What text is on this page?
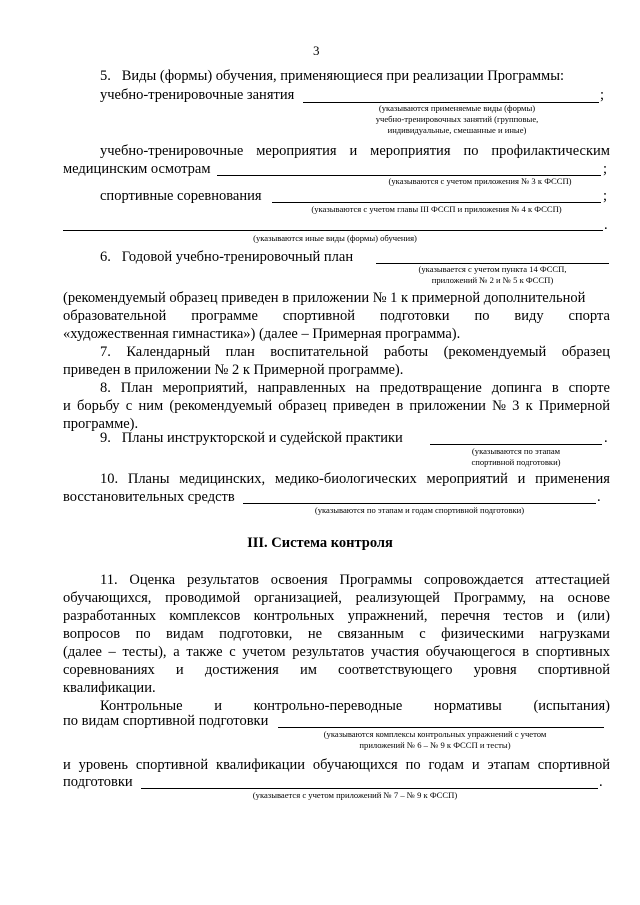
3
5.   Виды (формы) обучения, применяющиеся при реализации Программы:
учебно-тренировочные занятия	;
(указываются применяемые виды (формы)
учебно-тренировочных занятий (групповые,
индивидуальные, смешанные и иные)
учебно-тренировочные мероприятия и мероприятия по профилактическим
медицинским осмотрам	;
(указываются с учетом приложения № 3 к ФССП)
спортивные соревнования	;
(указываются с учетом главы III ФССП и приложения № 4 к ФССП)
.
(указываются иные виды (формы) обучения)
6.   Годовой учебно-тренировочный план
(указывается с учетом пункта 14 ФССП,
приложений № 2 и № 5 к ФССП)
(рекомендуемый образец приведен в приложении № 1 к примерной дополнительной
образовательной программе спортивной подготовки по виду спорта
«художественная гимнастика») (далее – Примерная программа).
7. Календарный план воспитательной работы (рекомендуемый образец
приведен в приложении № 2 к Примерной программе).
8. План мероприятий, направленных на предотвращение допинга в спорте
и борьбу с ним (рекомендуемый образец приведен в приложении № 3 к Примерной
программе).
9.   Планы инструкторской и судейской практики	.
(указываются по этапам
спортивной подготовки)
10. Планы медицинских, медико-биологических мероприятий и применения
восстановительных средств	.
(указываются по этапам и годам спортивной подготовки)
III. Система контроля
11. Оценка результатов освоения Программы сопровождается аттестацией
обучающихся, проводимой организацией, реализующей Программу, на основе
разработанных комплексов контрольных упражнений, перечня тестов и (или)
вопросов по видам подготовки, не связанным с физическими нагрузками
(далее – тесты), а также с учетом результатов участия обучающегося в спортивных
соревнованиях и достижения им соответствующего уровня спортивной
квалификации.
Контрольные и контрольно-переводные нормативы (испытания)
по видам спортивной подготовки
(указываются комплексы контрольных упражнений с учетом
приложений № 6 – № 9 к ФССП и тесты)
и уровень спортивной квалификации обучающихся по годам и этапам спортивной
подготовки	.
(указывается с учетом приложений № 7 – № 9 к ФССП)
